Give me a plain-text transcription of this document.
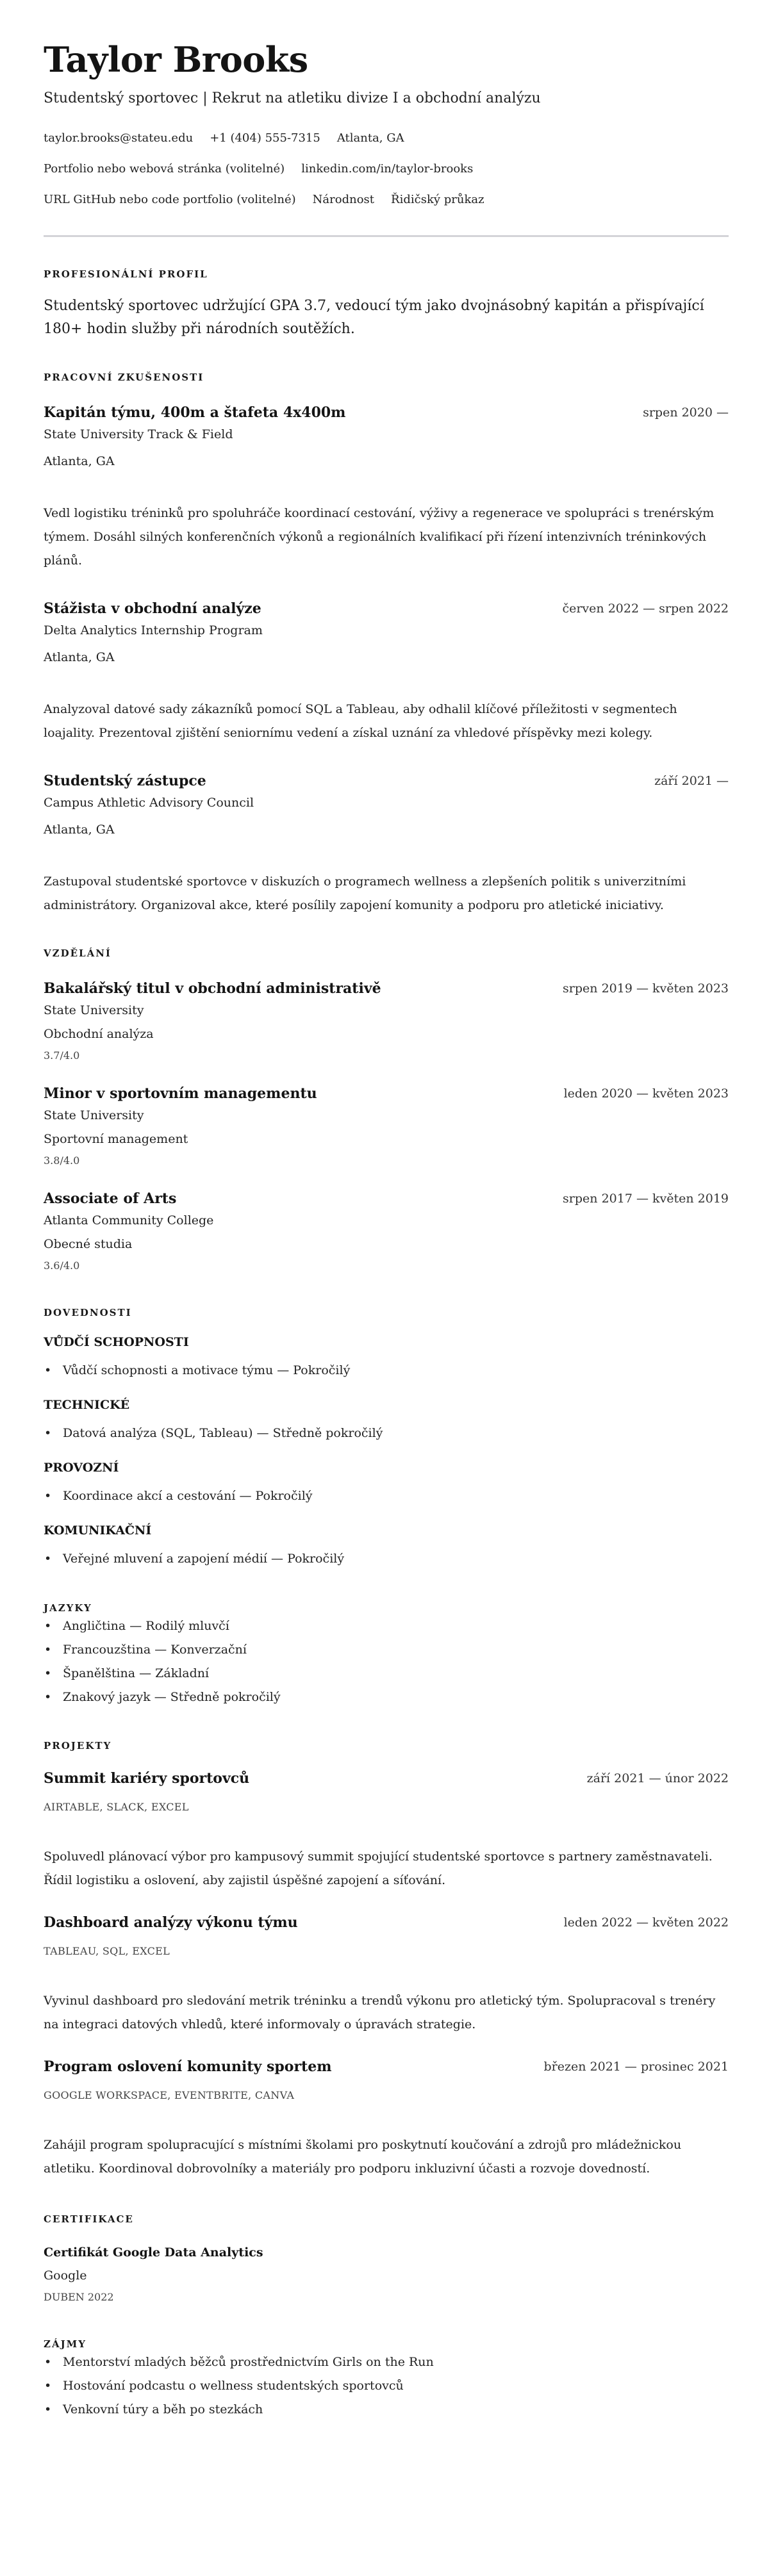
Taylor Brooks
Studentský sportovec | Rekrut na atletiku divize I a obchodní analýzu
taylor.brooks@stateu.edu +1 (404) 555-7315 Atlanta, GA
Portfolio nebo webová stránka (volitelné) linkedin.com/in/taylor-brooks
URL GitHub nebo code portfolio (volitelné) Národnost Řidičský průkaz
PROFESIONÁLNÍ PROFIL

Studentský sportovec udržující GPA 3.7, vedoucí tým jako dvojnásobný kapitán a přispívající 180+ hodin služby při národních soutěžích.

PRACOVNÍ ZKUŠENOSTI
Kapitán týmu, 400m a štafeta 4x400m	srpen 2020 —
State University Track & Field
Atlanta, GA
Vedl logistiku tréninků pro spoluhráče koordinací cestování, výživy a regenerace ve spolupráci s trenérským týmem. Dosáhl silných konferenčních výkonů a regionálních kvalifikací při řízení intenzivních tréninkových plánů.
Stážista v obchodní analýze	červen 2022 — srpen 2022
Delta Analytics Internship Program
Atlanta, GA
Analyzoval datové sady zákazníků pomocí SQL a Tableau, aby odhalil klíčové příležitosti v segmentech loajality. Prezentoval zjištění seniornímu vedení a získal uznání za vhledové příspěvky mezi kolegy.
Studentský zástupce	září 2021 —
Campus Athletic Advisory Council
Atlanta, GA
Zastupoval studentské sportovce v diskuzích o programech wellness a zlepšeních politik s univerzitními administrátory. Organizoval akce, které posílily zapojení komunity a podporu pro atletické iniciativy.
VZDĚLÁNÍ
Bakalářský titul v obchodní administrativě	srpen 2019 — květen 2023
State University
Obchodní analýza
3.7/4.0
Minor v sportovním managementu	leden 2020 — květen 2023
State University
Sportovní management
3.8/4.0
Associate of Arts	srpen 2017 — květen 2019
Atlanta Community College
Obecné studia
3.6/4.0
DOVEDNOSTI
VŮDČÍ SCHOPNOSTI
• Vůdčí schopnosti a motivace týmu — Pokročilý
TECHNICKÉ
• Datová analýza (SQL, Tableau) — Středně pokročilý
PROVOZNÍ
• Koordinace akcí a cestování — Pokročilý
KOMUNIKAČNÍ
• Veřejné mluvení a zapojení médií — Pokročilý
JAZYKY
• Angličtina — Rodilý mluvčí
• Francouzština — Konverzační
• Španělština — Základní
• Znakový jazyk — Středně pokročilý
PROJEKTY
Summit kariéry sportovců	září 2021 — únor 2022
AIRTABLE, SLACK, EXCEL
Spoluvedl plánovací výbor pro kampusový summit spojující studentské sportovce s partnery zaměstnavateli. Řídil logistiku a oslovení, aby zajistil úspěšné zapojení a síťování.
Dashboard analýzy výkonu týmu	leden 2022 — květen 2022
TABLEAU, SQL, EXCEL
Vyvinul dashboard pro sledování metrik tréninku a trendů výkonu pro atletický tým. Spolupracoval s trenéry na integraci datových vhledů, které informovaly o úpravách strategie.
Program oslovení komunity sportem	březen 2021 — prosinec 2021
GOOGLE WORKSPACE, EVENTBRITE, CANVA
Zahájil program spolupracující s místními školami pro poskytnutí koučování a zdrojů pro mládežnickou atletiku. Koordinoval dobrovolníky a materiály pro podporu inkluzivní účasti a rozvoje dovedností.
CERTIFIKACE
Certifikát Google Data Analytics
Google
DUBEN 2022
ZÁJMY
• Mentorství mladých běžců prostřednictvím Girls on the Run
• Hostování podcastu o wellness studentských sportovců
• Venkovní túry a běh po stezkách
